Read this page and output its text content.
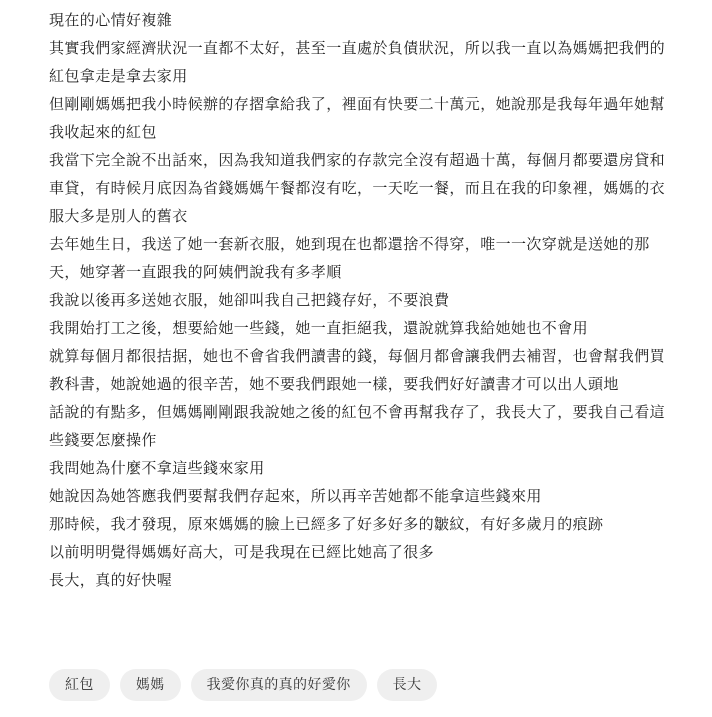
現在的心情好複雜

其實我們家經濟狀況一直都不太好，甚至一直處於負債狀況，所以我一直以為媽媽把我們的紅包拿走是拿去家用

但剛剛媽媽把我小時候辦的存摺拿給我了，裡面有快要二十萬元，她說那是我每年過年她幫我收起來的紅包

我當下完全說不出話來，因為我知道我們家的存款完全沒有超過十萬，每個月都要還房貸和車貸，有時候月底因為省錢媽媽午餐都沒有吃，一天吃一餐，而且在我的印象裡，媽媽的衣服大多是別人的舊衣

去年她生日，我送了她一套新衣服，她到現在也都還捨不得穿，唯一一次穿就是送她的那天，她穿著一直跟我的阿姨們說我有多孝順

我說以後再多送她衣服，她卻叫我自己把錢存好，不要浪費

我開始打工之後，想要給她一些錢，她一直拒絕我，還說就算我給她她也不會用

就算每個月都很拮据，她也不會省我們讀書的錢，每個月都會讓我們去補習，也會幫我們買教科書，她說她過的很辛苦，她不要我們跟她一樣，要我們好好讀書才可以出人頭地

話說的有點多，但媽媽剛剛跟我說她之後的紅包不會再幫我存了，我長大了，要我自己看這些錢要怎麼操作

我問她為什麼不拿這些錢來家用

她說因為她答應我們要幫我們存起來，所以再辛苦她都不能拿這些錢來用

那時候，我才發現，原來媽媽的臉上已經多了好多好多的皺紋，有好多歲月的痕跡

以前明明覺得媽媽好高大，可是我現在已經比她高了很多

長大，真的好快喔

紅包	媽媽	我愛你真的真的好愛你	長大
